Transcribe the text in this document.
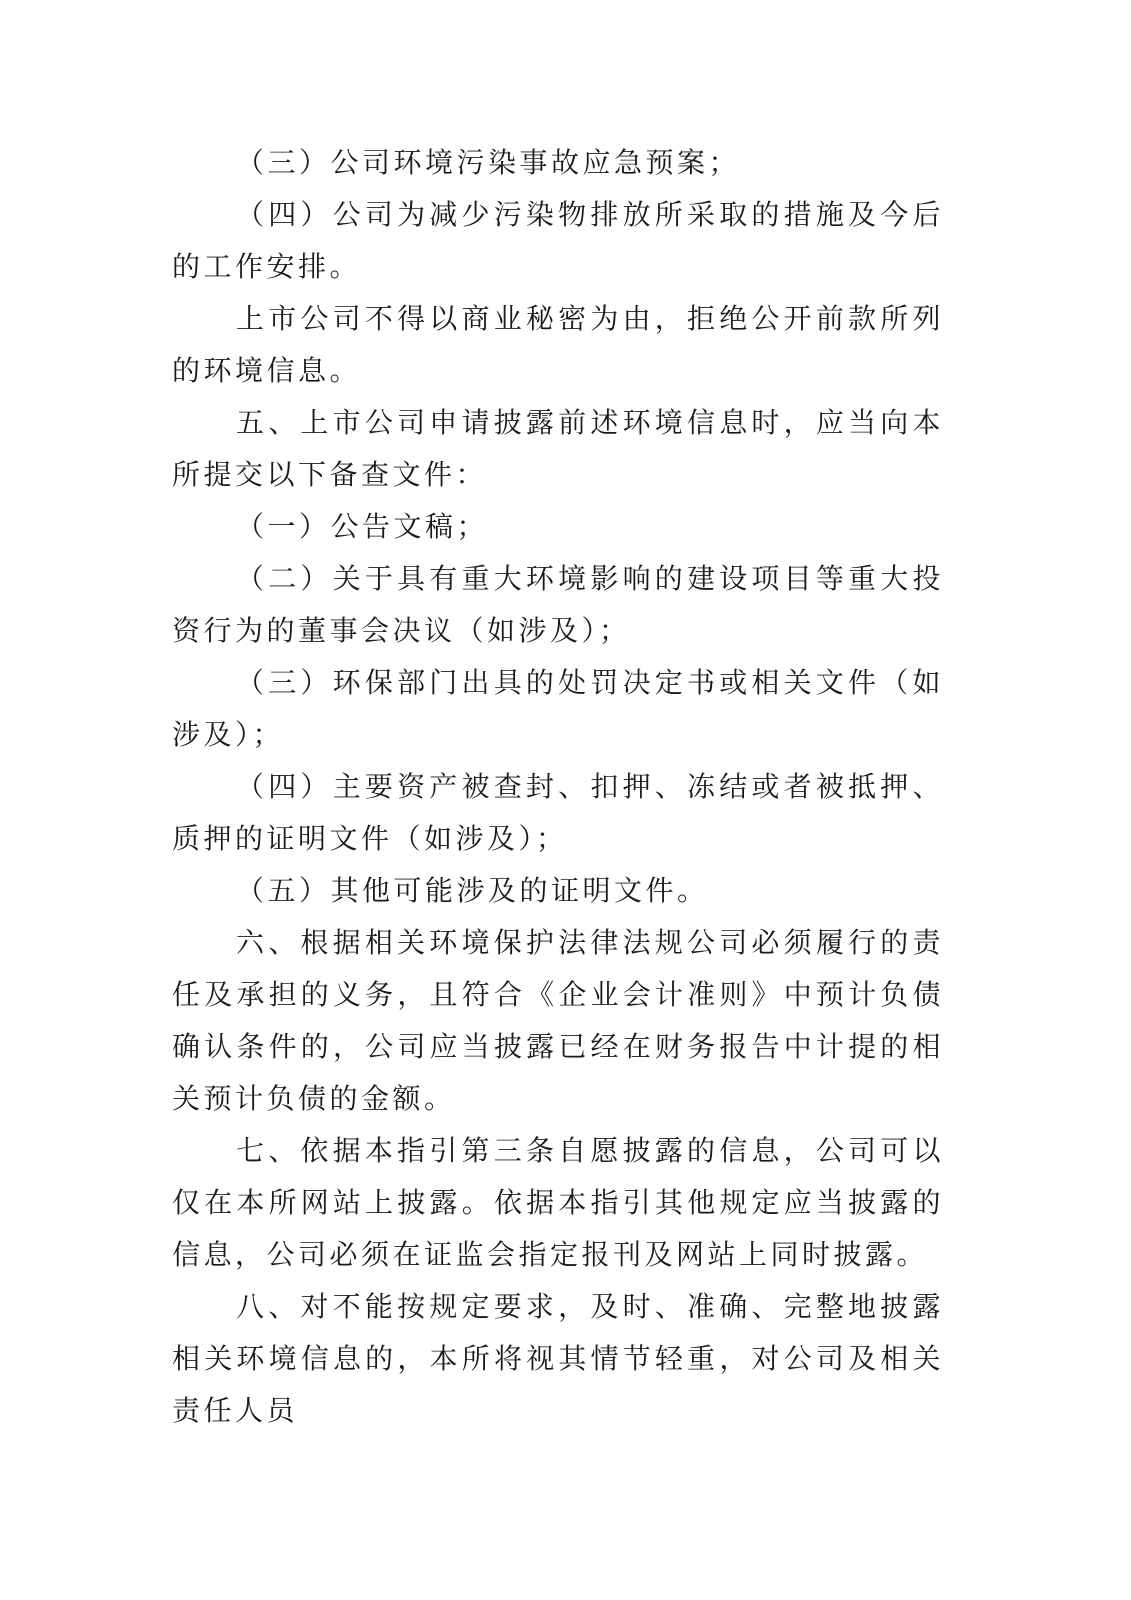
（三）公司环境污染事故应急预案；

（四）公司为减少污染物排放所采取的措施及今后的工作安排。

上市公司不得以商业秘密为由，拒绝公开前款所列的环境信息。

五、上市公司申请披露前述环境信息时，应当向本所提交以下备查文件：

（一）公告文稿；

（二）关于具有重大环境影响的建设项目等重大投资行为的董事会决议（如涉及）；

（三）环保部门出具的处罚决定书或相关文件（如涉及）；

（四）主要资产被查封、扣押、冻结或者被抵押、质押的证明文件（如涉及）；

（五）其他可能涉及的证明文件。

六、根据相关环境保护法律法规公司必须履行的责任及承担的义务，且符合《企业会计准则》中预计负债确认条件的，公司应当披露已经在财务报告中计提的相关预计负债的金额。

七、依据本指引第三条自愿披露的信息，公司可以仅在本所网站上披露。依据本指引其他规定应当披露的信息，公司必须在证监会指定报刊及网站上同时披露。

八、对不能按规定要求，及时、准确、完整地披露相关环境信息的，本所将视其情节轻重，对公司及相关责任人员
